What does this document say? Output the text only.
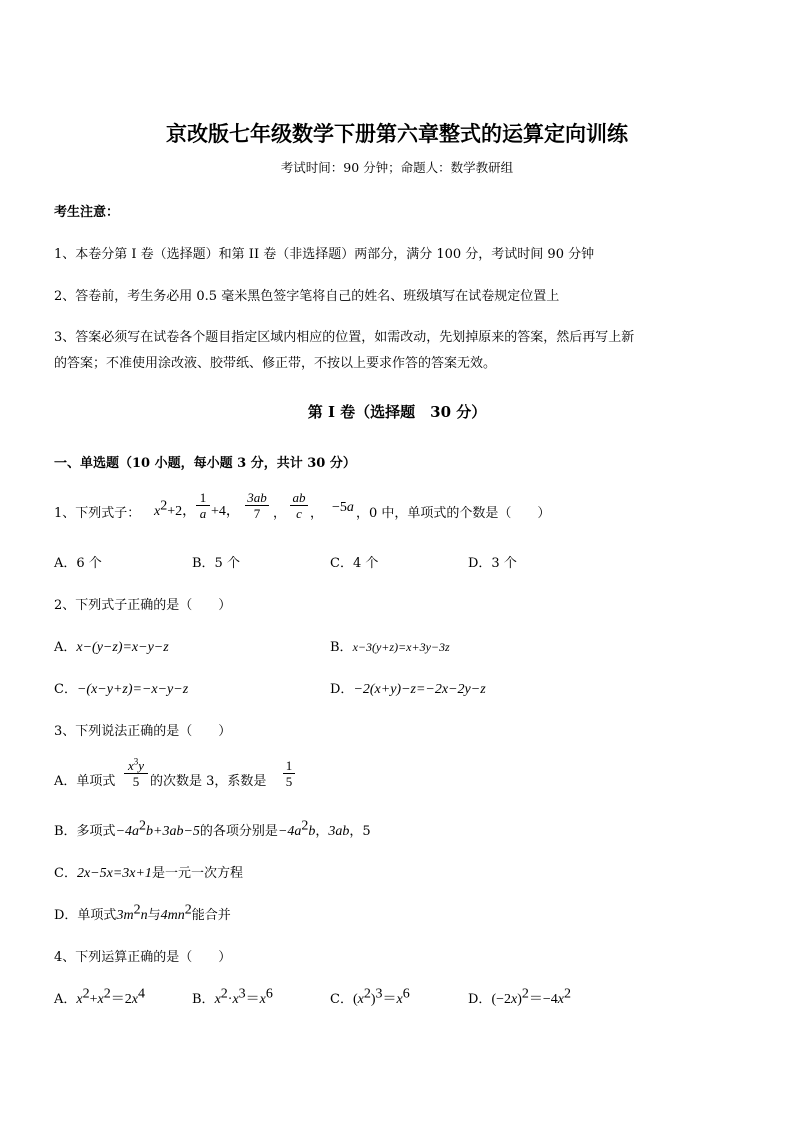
京改版七年级数学下册第六章整式的运算定向训练
考试时间：90 分钟；命题人：数学教研组
考生注意：
1、本卷分第 I 卷（选择题）和第 II 卷（非选择题）两部分，满分 100 分，考试时间 90 分钟
2、答卷前，考生务必用 0.5 毫米黑色签字笔将自己的姓名、班级填写在试卷规定位置上
3、答案必须写在试卷各个题目指定区域内相应的位置，如需改动，先划掉原来的答案，然后再写上新
的答案；不准使用涂改液、胶带纸、修正带，不按以上要求作答的答案无效。
第 I 卷（选择题　30 分）
一、单选题（10 小题，每小题 3 分，共计 30 分）
1、下列式子： $x^2+2$，
1
a +4，
3ab
7 ，
ab
c ， −5a ，0 中，单项式的个数是（　　）
A．6 个	B．5 个	C．4 个	D．3 个
2、下列式子正确的是（　　）
A．x−(y−z)=x−y−z	B．x−3(y+z)=x+3y−3z
C．−(x−y+z)=−x−y−z	D．−2(x+y)−z=−2x−2y−z
3、下列说法正确的是（　　）
A．单项式
$x^3y$
5 的次数是 3，系数是
1
5
B．多项式$-4a^2b+3ab-5$的各项分别是$-4a^2b$，3ab，5
C．2x−5x=3x+1是一元一次方程
D．单项式$3m^2n$与$4mn^2$能合并
4、下列运算正确的是（　　）
A．$x^2+x^2=2x^4$	B．$x^2\cdot x^3=x^6$	C．$(x^2)^3=x^6$	D．$(-2x)^2=-4x^2$
